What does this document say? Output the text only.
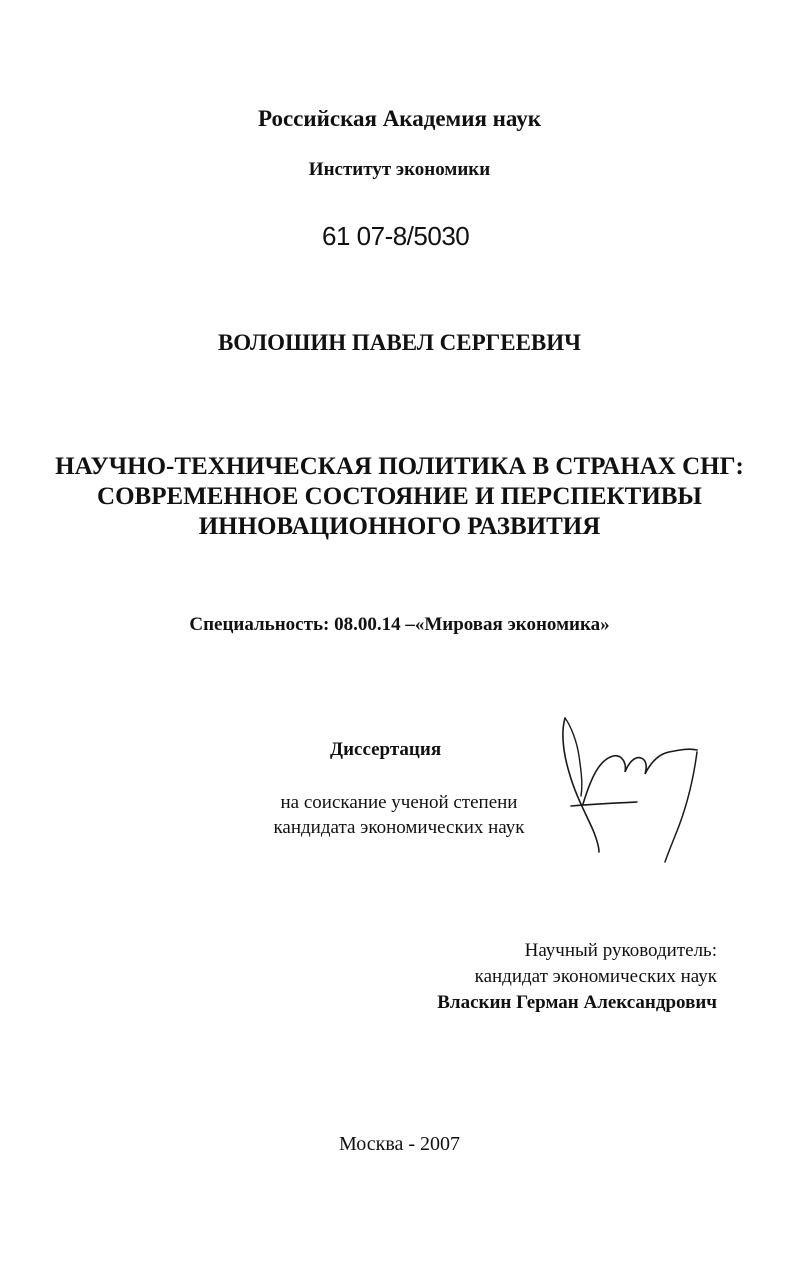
Российская Академия наук
Институт экономики
61 07-8/5030
ВОЛОШИН ПАВЕЛ СЕРГЕЕВИЧ
НАУЧНО-ТЕХНИЧЕСКАЯ ПОЛИТИКА В СТРАНАХ СНГ:
СОВРЕМЕННОЕ СОСТОЯНИЕ И ПЕРСПЕКТИВЫ
ИННОВАЦИОННОГО РАЗВИТИЯ
Специальность: 08.00.14 –«Мировая экономика»
Диссертация
на соискание ученой степени
кандидата экономических наук
Научный руководитель:
кандидат экономических наук
Власкин Герман Александрович
Москва - 2007
